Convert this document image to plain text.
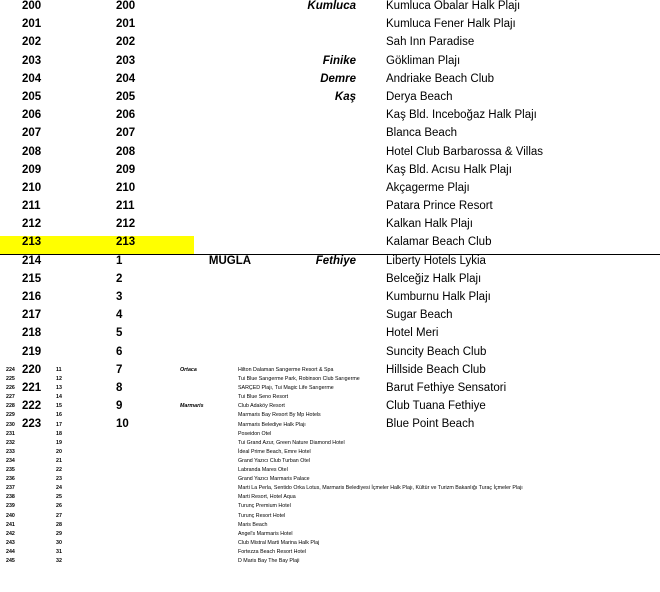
200	200		Kumluca	Kumluca Obalar Halk Plajı
201	201			Kumluca Fener Halk Plajı
202	202			Sah Inn Paradise
203	203		Finike	Gökliman Plajı
204	204		Demre	Andriake Beach Club
205	205		Kaş	Derya Beach
206	206			Kaş Bld. İnceboğaz Halk Plajı
207	207			Blanca Beach
208	208			Hotel Club Barbarossa & Villas
209	209			Kaş Bld. Acısu Halk Plajı
210	210			Akçagerme Plajı
211	211			Patara Prince Resort
212	212			Kalkan Halk Plajı
213	213			Kalamar Beach Club
214	1	MUĞLA	Fethiye	Liberty Hotels Lykia
215	2			Belceğiz Halk Plajı
216	3			Kumburnu Halk Plajı
217	4			Sugar Beach
218	5			Hotel Meri
219	6			Suncity Beach Club
220	7			Hillside Beach Club
221	8			Barut Fethiye Sensatori
222	9			Club Tuana Fethiye
223	10			Blue Point Beach
224	11		Ortaca	Hilton Dalaman Sarıgerme Resort & Spa
225	12			Tui Blue Sarıgerme Park, Robinson Club Sarıgerme
226	13			SARÇED Plajı, Tui Magic Life Sarıgerme
227	14			Tui Blue Seno Resort
228	15		Marmaris	Club Adaköy Resort
229	16			Marmaris Bay Resort By Mp Hotels
230	17			Marmaris Belediye Halk Plajı
231	18			Poseidon Otel
232	19			Tui Grand Azur, Green Nature Diamond Hotel
233	20			İdeal Prime Beach, Emre Hotel
234	21			Grand Yazıcı Club Turban Otel
235	22			Labranda Mares Otel
236	23			Grand Yazıcı Marmaris Palace
237	24			Marti La Perla, Sentido Orka Lotus, Marmaris Belediyesi İçmeler Halk Plajı, Kültür ve Turizm Bakanlığı Turaç İçmeler Plajı
238	25			Marti Resort, Hotel Aqua
239	26			Turunç Premium Hotel
240	27			Turunç Resort Hotel
241	28			Maris Beach
242	29			Angel's Marmaris Hotel
243	30			Club Mistral Marti Marina Halk Plaj
244	31			Fortezza Beach Resort Hotel
245	32			D Maris Bay The Bay Plaji
